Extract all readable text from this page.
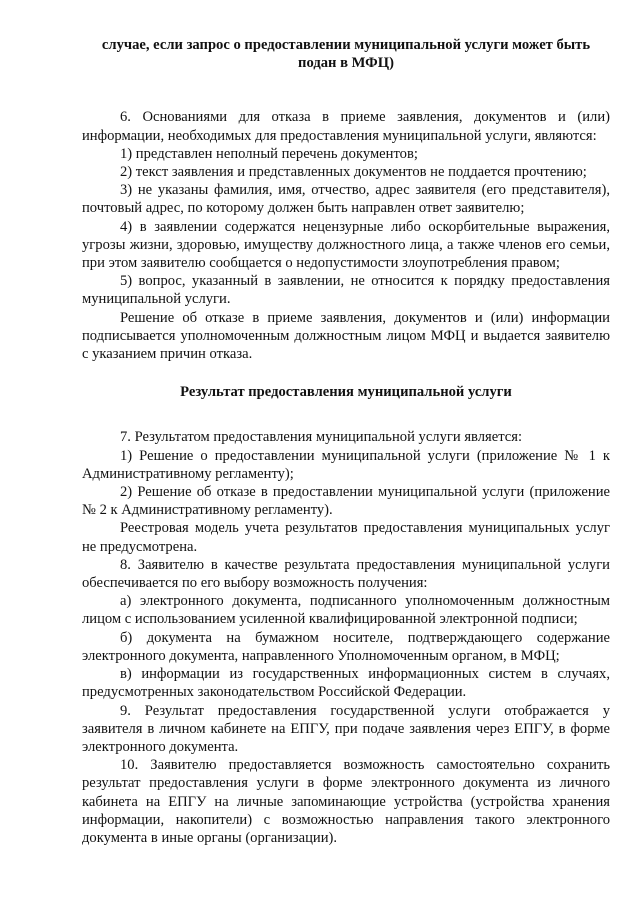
случае, если запрос о предоставлении муниципальной услуги может быть подан в МФЦ)

6. Основаниями для отказа в приеме заявления, документов и (или) информации, необходимых для предоставления муниципальной услуги, являются:

1) представлен неполный перечень документов;

2) текст заявления и представленных документов не поддается прочтению;

3) не указаны фамилия, имя, отчество, адрес заявителя (его представителя), почтовый адрес, по которому должен быть направлен ответ заявителю;

4) в заявлении содержатся нецензурные либо оскорбительные выражения, угрозы жизни, здоровью, имуществу должностного лица, а также членов его семьи, при этом заявителю сообщается о недопустимости злоупотребления правом;

5) вопрос, указанный в заявлении, не относится к порядку предоставления муниципальной услуги.

Решение об отказе в приеме заявления, документов и (или) информации подписывается уполномоченным должностным лицом МФЦ и выдается заявителю с указанием причин отказа.

Результат предоставления муниципальной услуги

7. Результатом предоставления муниципальной услуги является:

1) Решение о предоставлении муниципальной услуги (приложение № 1 к Административному регламенту);

2) Решение об отказе в предоставлении муниципальной услуги (приложение № 2 к Административному регламенту).

Реестровая модель учета результатов предоставления муниципальных услуг не предусмотрена.

8. Заявителю в качестве результата предоставления муниципальной услуги обеспечивается по его выбору возможность получения:

а) электронного документа, подписанного уполномоченным должностным лицом с использованием усиленной квалифицированной электронной подписи;

б) документа на бумажном носителе, подтверждающего содержание электронного документа, направленного Уполномоченным органом, в МФЦ;

в) информации из государственных информационных систем в случаях, предусмотренных законодательством Российской Федерации.

9. Результат предоставления государственной услуги отображается у заявителя в личном кабинете на ЕПГУ, при подаче заявления через ЕПГУ, в форме электронного документа.

10. Заявителю предоставляется возможность самостоятельно сохранить результат предоставления услуги в форме электронного документа из личного кабинета на ЕПГУ на личные запоминающие устройства (устройства хранения информации, накопители) с возможностью направления такого электронного документа в иные органы (организации).
